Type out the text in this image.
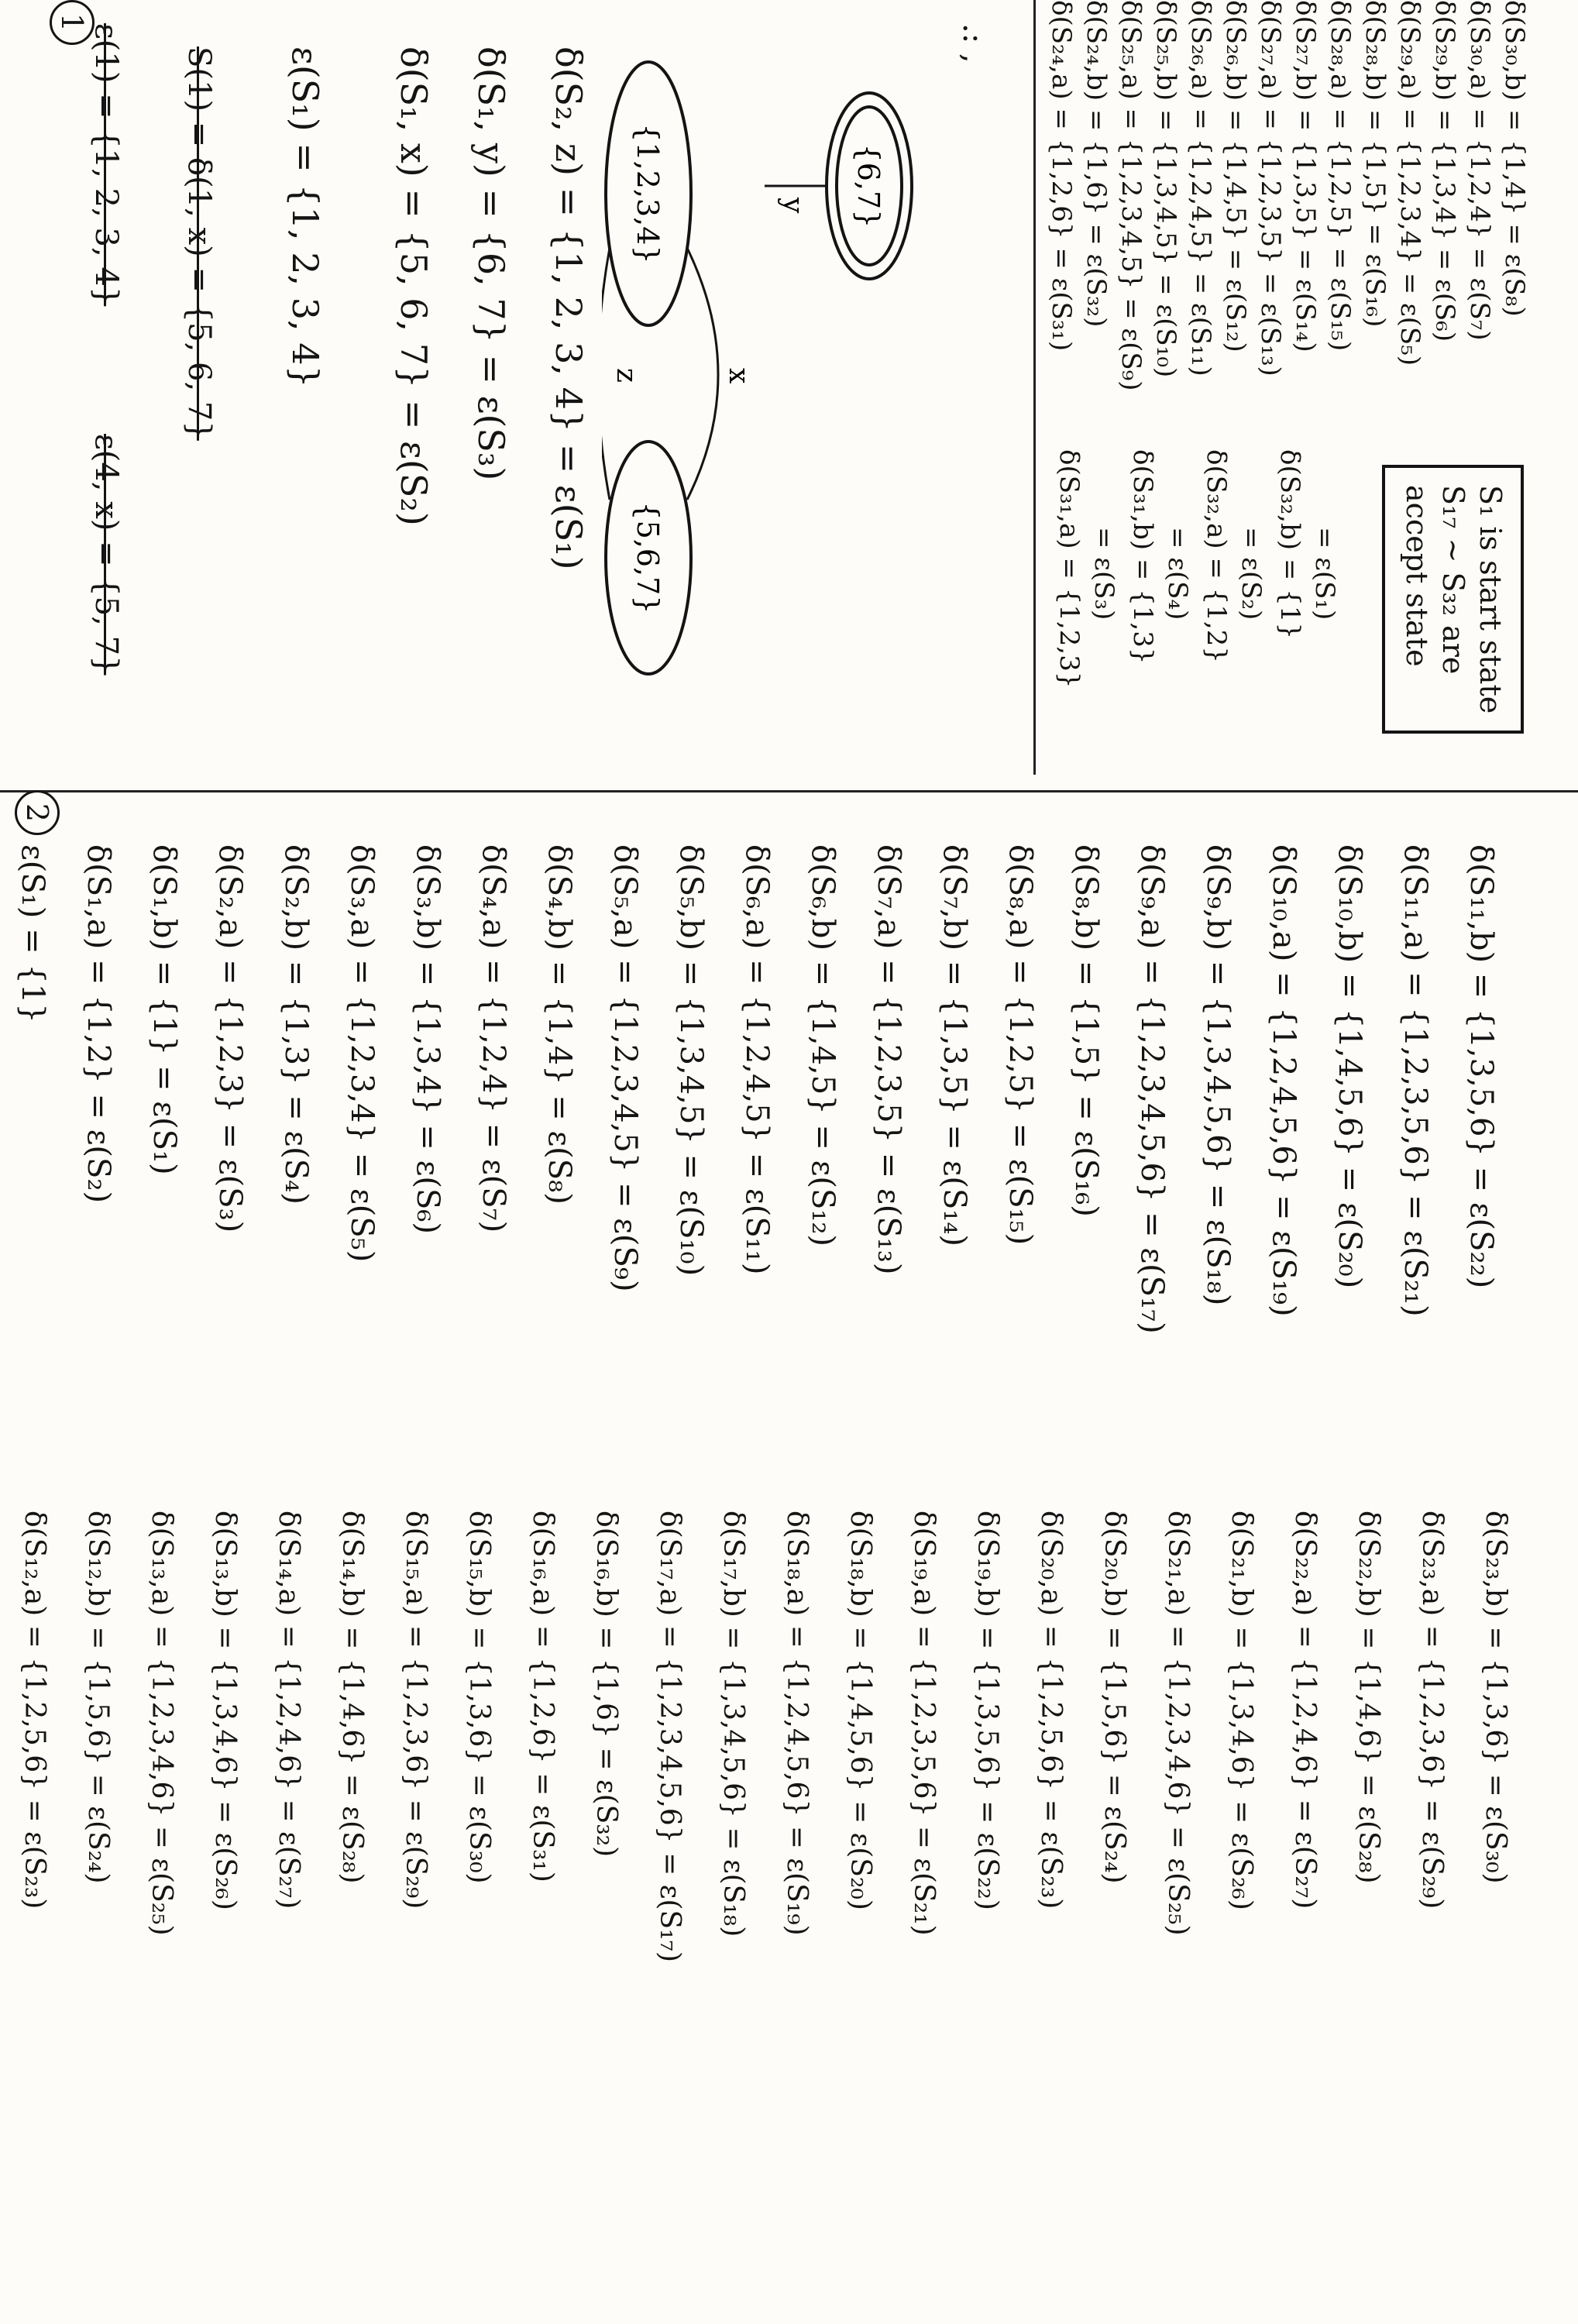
1
ε(1) = {1, 2, 3, 4}
ε(4, x) = {5, 7}
S(1) = δ(1, x) = {5, 6, 7} ε(S₁) = {1, 2, 3, 4} δ(S₁, x) = {5, 6, 7} = ε(S₂) δ(S₁, y) = {6, 7} = ε(S₃) δ(S₂, z) = {1, 2, 3, 4} = ε(S₁) {1,2,3,4}
{5,6,7}
x
z
y {6,7}
.: , δ(S₂₄,a) = {1,2,6} = ε(S₃₁) δ(S₂₄,b) = {1,6} = ε(S₃₂) δ(S₂₅,a) = {1,2,3,4,5} = ε(S₉) δ(S₂₅,b) = {1,3,4,5} = ε(S₁₀) δ(S₂₆,a) = {1,2,4,5} = ε(S₁₁) δ(S₂₆,b) = {1,4,5} = ε(S₁₂) δ(S₂₇,a) = {1,2,3,5} = ε(S₁₃) δ(S₂₇,b) = {1,3,5} = ε(S₁₄) δ(S₂₈,a) = {1,2,5} = ε(S₁₅) δ(S₂₈,b) = {1,5} = ε(S₁₆) δ(S₂₉,a) = {1,2,3,4} = ε(S₅) δ(S₂₉,b) = {1,3,4} = ε(S₆) δ(S₃₀,a) = {1,2,4} = ε(S₇) δ(S₃₀,b) = {1,4} = ε(S₈)
δ(S₃₁,a) = {1,2,3} = ε(S₃) δ(S₃₁,b) = {1,3} = ε(S₄) δ(S₃₂,a) = {1,2} = ε(S₂) δ(S₃₂,b) = {1} = ε(S₁)	S₁ is start state
S₁₇ ~ S₃₂ are
accept state
2
ε(S₁) = {1} δ(S₁,a) = {1,2} = ε(S₂) δ(S₁,b) = {1} = ε(S₁) δ(S₂,a) = {1,2,3} = ε(S₃) δ(S₂,b) = {1,3} = ε(S₄) δ(S₃,a) = {1,2,3,4} = ε(S₅) δ(S₃,b) = {1,3,4} = ε(S₆) δ(S₄,a) = {1,2,4} = ε(S₇) δ(S₄,b) = {1,4} = ε(S₈) δ(S₅,a) = {1,2,3,4,5} = ε(S₉) δ(S₅,b) = {1,3,4,5} = ε(S₁₀) δ(S₆,a) = {1,2,4,5} = ε(S₁₁) δ(S₆,b) = {1,4,5} = ε(S₁₂) δ(S₇,a) = {1,2,3,5} = ε(S₁₃) δ(S₇,b) = {1,3,5} = ε(S₁₄) δ(S₈,a) = {1,2,5} = ε(S₁₅) δ(S₈,b) = {1,5} = ε(S₁₆) δ(S₉,a) = {1,2,3,4,5,6} = ε(S₁₇) δ(S₉,b) = {1,3,4,5,6} = ε(S₁₈) δ(S₁₀,a) = {1,2,4,5,6} = ε(S₁₉) δ(S₁₀,b) = {1,4,5,6} = ε(S₂₀) δ(S₁₁,a) = {1,2,3,5,6} = ε(S₂₁) δ(S₁₁,b) = {1,3,5,6} = ε(S₂₂)
δ(S₁₂,a) = {1,2,5,6} = ε(S₂₃) δ(S₁₂,b) = {1,5,6} = ε(S₂₄) δ(S₁₃,a) = {1,2,3,4,6} = ε(S₂₅) δ(S₁₃,b) = {1,3,4,6} = ε(S₂₆) δ(S₁₄,a) = {1,2,4,6} = ε(S₂₇) δ(S₁₄,b) = {1,4,6} = ε(S₂₈) δ(S₁₅,a) = {1,2,3,6} = ε(S₂₉) δ(S₁₅,b) = {1,3,6} = ε(S₃₀) δ(S₁₆,a) = {1,2,6} = ε(S₃₁) δ(S₁₆,b) = {1,6} = ε(S₃₂) δ(S₁₇,a) = {1,2,3,4,5,6} = ε(S₁₇) δ(S₁₇,b) = {1,3,4,5,6} = ε(S₁₈) δ(S₁₈,a) = {1,2,4,5,6} = ε(S₁₉) δ(S₁₈,b) = {1,4,5,6} = ε(S₂₀) δ(S₁₉,a) = {1,2,3,5,6} = ε(S₂₁) δ(S₁₉,b) = {1,3,5,6} = ε(S₂₂) δ(S₂₀,a) = {1,2,5,6} = ε(S₂₃) δ(S₂₀,b) = {1,5,6} = ε(S₂₄) δ(S₂₁,a) = {1,2,3,4,6} = ε(S₂₅) δ(S₂₁,b) = {1,3,4,6} = ε(S₂₆) δ(S₂₂,a) = {1,2,4,6} = ε(S₂₇) δ(S₂₂,b) = {1,4,6} = ε(S₂₈) δ(S₂₃,a) = {1,2,3,6} = ε(S₂₉) δ(S₂₃,b) = {1,3,6} = ε(S₃₀)
